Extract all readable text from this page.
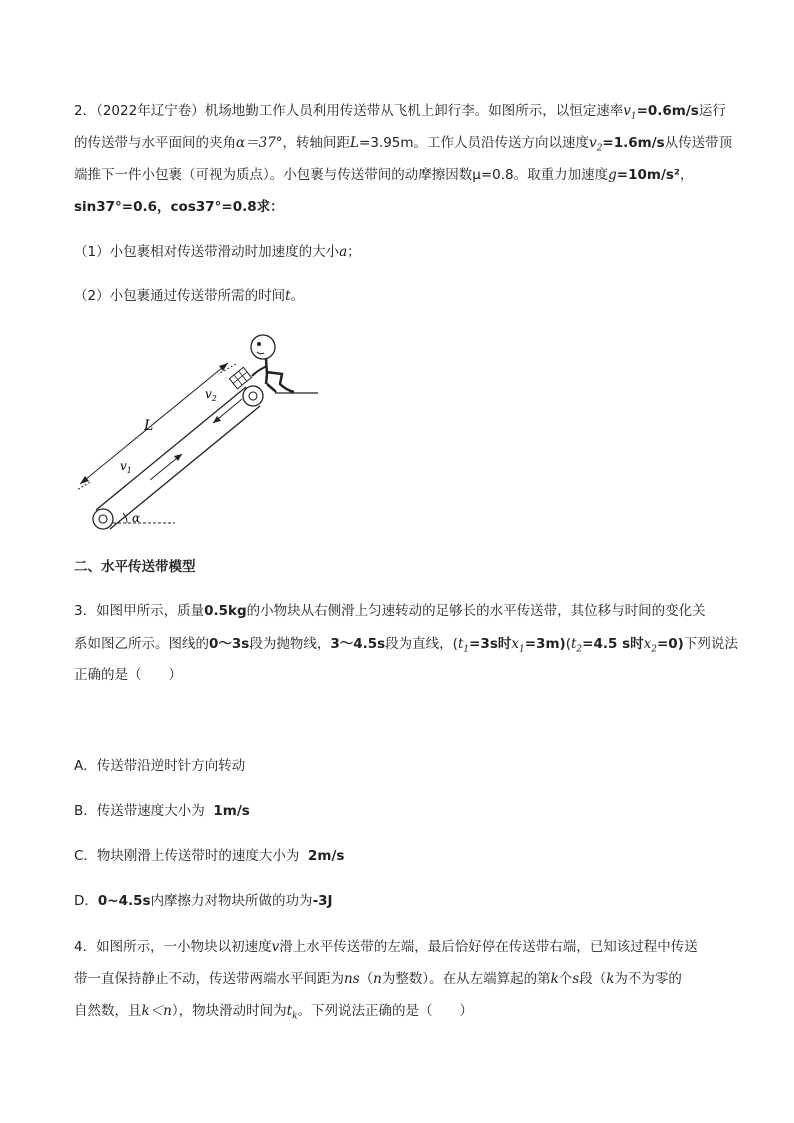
2．（2022年辽宁卷）机场地勤工作人员利用传送带从飞机上卸行李。如图所示，以恒定速率$v_1=0.6m/s$运行
的传送带与水平面间的夹角α＝37°，转轴间距L=3.95m。工作人员沿传送方向以速度$v_2=1.6m/s$从传送带顶
端推下一件小包裹（可视为质点）。小包裹与传送带间的动摩擦因数μ=0.8。取重力加速度g=10m/s²，
sin37°=0.6，cos37°=0.8求：
（1）小包裹相对传送带滑动时加速度的大小a；
（2）小包裹通过传送带所需的时间t。
α
L
$v_1$
$v_2$
二、水平传送带模型
3．如图甲所示，质量0.5kg的小物块从右侧滑上匀速转动的足够长的水平传送带，其位移与时间的变化关
系如图乙所示。图线的0～3s段为抛物线，3～4.5s段为直线，($t_1=3s$时$x_1=3m)(t_2=4.5$ s时$x_2=0$)下列说法
正确的是（　　）
A．传送带沿逆时针方向转动
B．传送带速度大小为 1m/s
C．物块刚滑上传送带时的速度大小为 2m/s
D．0~4.5s内摩擦力对物块所做的功为-3J
4．如图所示，一小物块以初速度v滑上水平传送带的左端，最后恰好停在传送带右端，已知该过程中传送
带一直保持静止不动，传送带两端水平间距为ns（n为整数）。在从左端算起的第k个s段（k为不为零的
自然数，且k＜n），物块滑动时间为$t_k$。下列说法正确的是（　　）
